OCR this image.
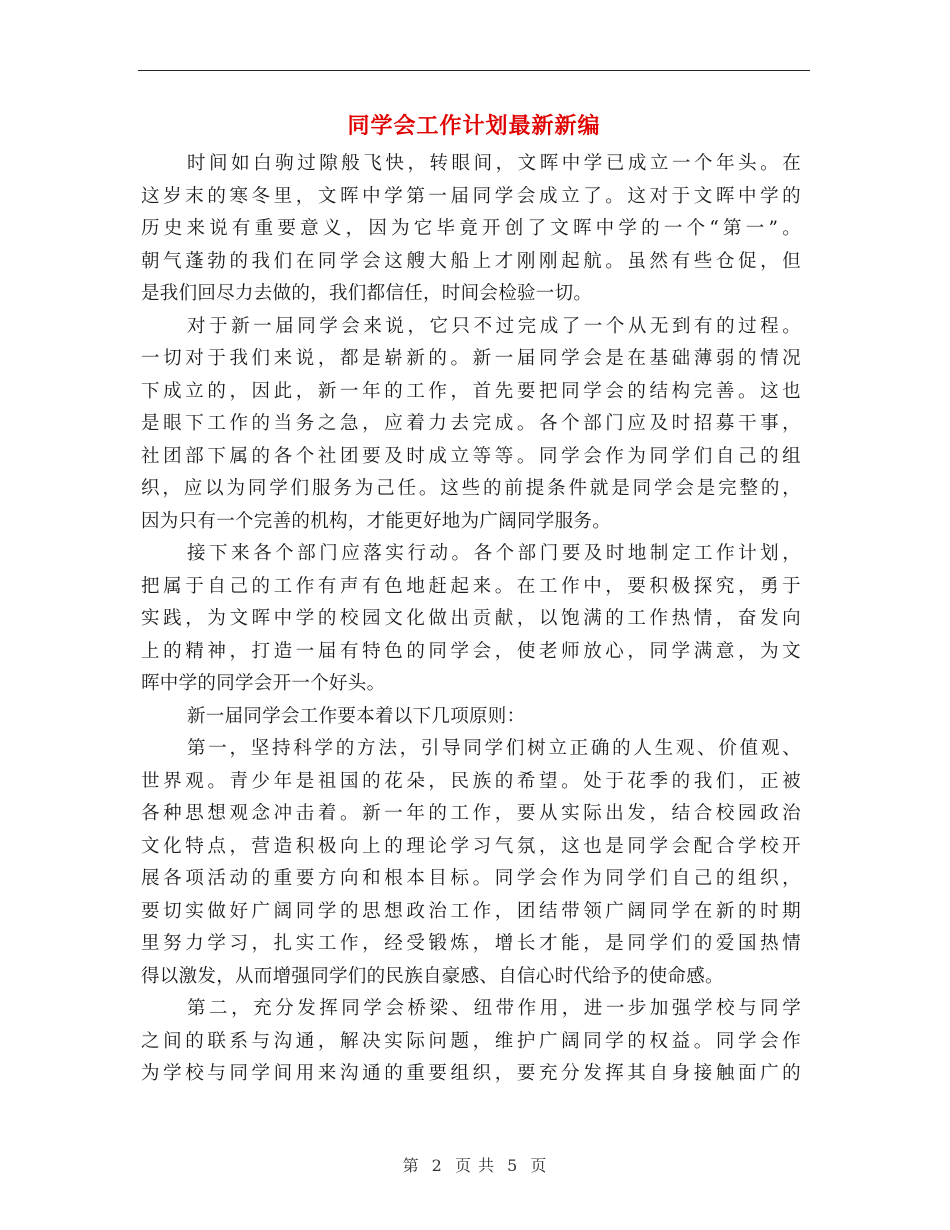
同学会工作计划最新新编
时间如白驹过隙般飞快，转眼间，文晖中学已成立一个年头。在
这岁末的寒冬里，文晖中学第一届同学会成立了。这对于文晖中学的
历史来说有重要意义，因为它毕竟开创了文晖中学的一个“第一”。
朝气蓬勃的我们在同学会这艘大船上才刚刚起航。虽然有些仓促，但
是我们回尽力去做的，我们都信任，时间会检验一切。
对于新一届同学会来说，它只不过完成了一个从无到有的过程。
一切对于我们来说，都是崭新的。新一届同学会是在基础薄弱的情况
下成立的，因此，新一年的工作，首先要把同学会的结构完善。这也
是眼下工作的当务之急，应着力去完成。各个部门应及时招募干事，
社团部下属的各个社团要及时成立等等。同学会作为同学们自己的组
织，应以为同学们服务为己任。这些的前提条件就是同学会是完整的，
因为只有一个完善的机构，才能更好地为广阔同学服务。
接下来各个部门应落实行动。各个部门要及时地制定工作计划，
把属于自己的工作有声有色地赶起来。在工作中，要积极探究，勇于
实践，为文晖中学的校园文化做出贡献，以饱满的工作热情，奋发向
上的精神，打造一届有特色的同学会，使老师放心，同学满意，为文
晖中学的同学会开一个好头。
新一届同学会工作要本着以下几项原则：
第一，坚持科学的方法，引导同学们树立正确的人生观、价值观、
世界观。青少年是祖国的花朵，民族的希望。处于花季的我们，正被
各种思想观念冲击着。新一年的工作，要从实际出发，结合校园政治
文化特点，营造积极向上的理论学习气氛，这也是同学会配合学校开
展各项活动的重要方向和根本目标。同学会作为同学们自己的组织，
要切实做好广阔同学的思想政治工作，团结带领广阔同学在新的时期
里努力学习，扎实工作，经受锻炼，增长才能，是同学们的爱国热情
得以激发，从而增强同学们的民族自豪感、自信心时代给予的使命感。
第二，充分发挥同学会桥梁、纽带作用，进一步加强学校与同学
之间的联系与沟通，解决实际问题，维护广阔同学的权益。同学会作
为学校与同学间用来沟通的重要组织，要充分发挥其自身接触面广的
第 2 页 共 5 页
